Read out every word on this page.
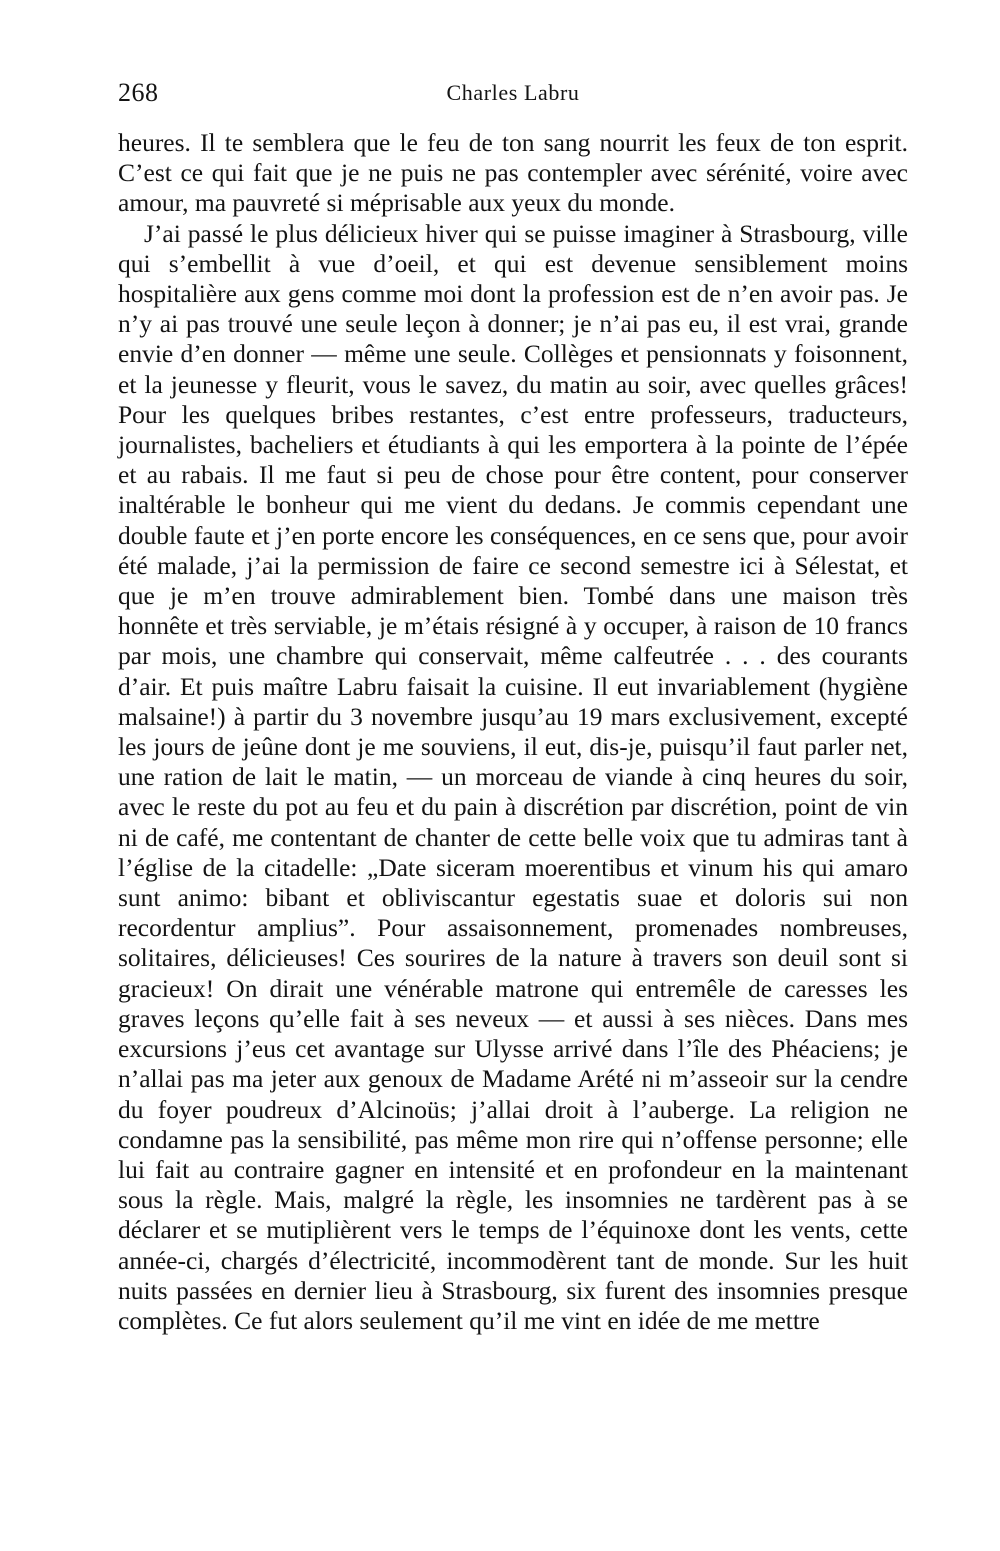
268	Charles Labru

heures. Il te semblera que le feu de ton sang nourrit les feux de ton esprit. C’est ce qui fait que je ne puis ne pas contempler avec sérénité, voire avec amour, ma pauvreté si méprisable aux yeux du monde.

J’ai passé le plus délicieux hiver qui se puisse imaginer à Strasbourg, ville qui s’embellit à vue d’oeil, et qui est devenue sensiblement moins hospitalière aux gens comme moi dont la profession est de n’en avoir pas. Je n’y ai pas trouvé une seule leçon à donner; je n’ai pas eu, il est vrai, grande envie d’en donner — même une seule. Collèges et pensionnats y foisonnent, et la jeunesse y fleurit, vous le savez, du matin au soir, avec quelles grâces! Pour les quelques bribes restantes, c’est entre professeurs, traducteurs, journalistes, bacheliers et étudiants à qui les emportera à la pointe de l’épée et au rabais. Il me faut si peu de chose pour être content, pour conserver inaltérable le bonheur qui me vient du dedans. Je commis cependant une double faute et j’en porte encore les conséquences, en ce sens que, pour avoir été malade, j’ai la permission de faire ce second semestre ici à Sélestat, et que je m’en trouve admirablement bien. Tombé dans une maison très honnête et très serviable, je m’étais résigné à y occuper, à raison de 10 francs par mois, une chambre qui conservait, même calfeutrée . . . des courants d’air. Et puis maître Labru faisait la cuisine. Il eut invariablement (hygiène malsaine!) à partir du 3 novembre jusqu’au 19 mars exclusivement, excepté les jours de jeûne dont je me souviens, il eut, dis-je, puisqu’il faut parler net, une ration de lait le matin, — un morceau de viande à cinq heures du soir, avec le reste du pot au feu et du pain à discrétion par discrétion, point de vin ni de café, me contentant de chanter de cette belle voix que tu admiras tant à l’église de la citadelle: „Date siceram moerentibus et vinum his qui amaro sunt animo: bibant et obliviscantur egestatis suae et doloris sui non recordentur amplius”. Pour assaisonnement, promenades nombreuses, solitaires, délicieuses! Ces sourires de la nature à travers son deuil sont si gracieux! On dirait une vénérable matrone qui entremêle de caresses les graves leçons qu’elle fait à ses neveux — et aussi à ses nièces. Dans mes excursions j’eus cet avantage sur Ulysse arrivé dans l’île des Phéaciens; je n’allai pas ma jeter aux genoux de Madame Arété ni m’asseoir sur la cendre du foyer poudreux d’Alcinoüs; j’allai droit à l’auberge. La religion ne condamne pas la sensibilité, pas même mon rire qui n’offense personne; elle lui fait au contraire gagner en intensité et en profondeur en la maintenant sous la règle. Mais, malgré la règle, les insomnies ne tardèrent pas à se déclarer et se mutiplièrent vers le temps de l’équinoxe dont les vents, cette année-ci, chargés d’électricité, incommodèrent tant de monde. Sur les huit nuits passées en dernier lieu à Strasbourg, six furent des insomnies presque complètes. Ce fut alors seulement qu’il me vint en idée de me mettre
